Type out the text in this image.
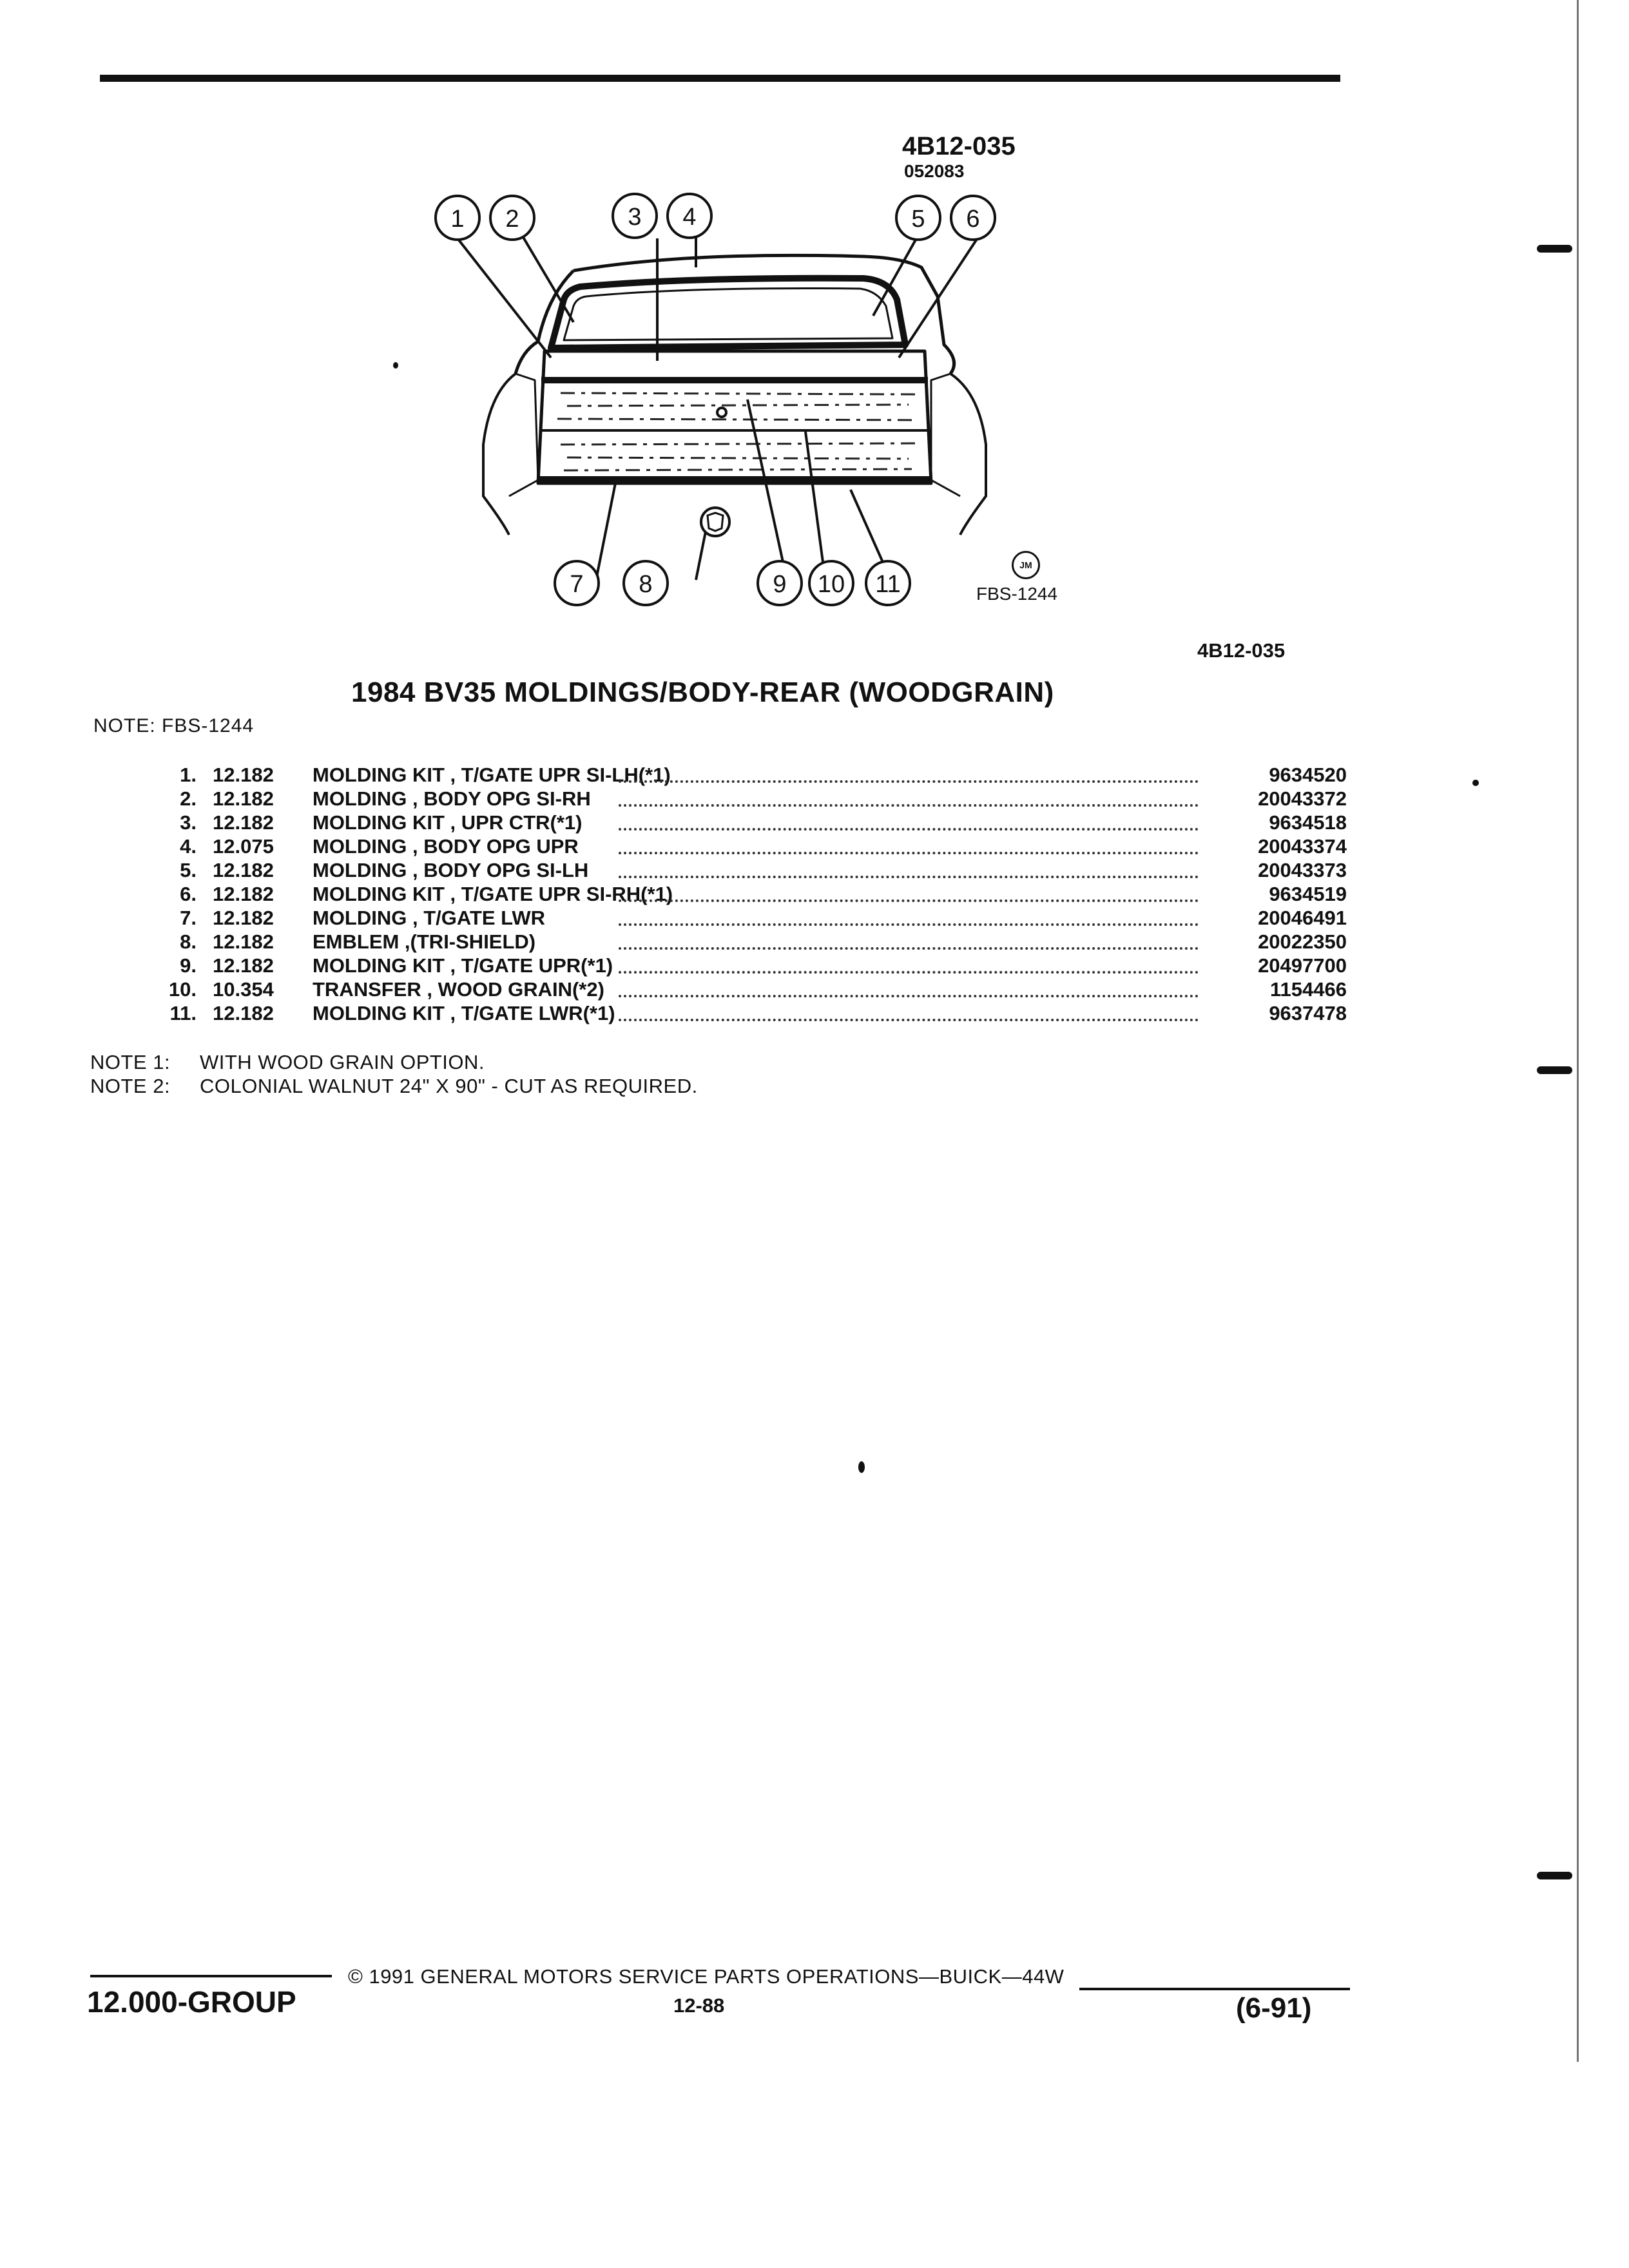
4B12-035
052083
1 2	3 4	5 6
7 8	9 10 11
JM
FBS-1244
4B12-035
1984 BV35 MOLDINGS/BODY-REAR (WOODGRAIN)
NOTE: FBS-1244
1. 12.182 MOLDING KIT , T/GATE UPR SI-LH(*1)	9634520
2. 12.182 MOLDING , BODY OPG SI-RH	20043372
3. 12.182 MOLDING KIT , UPR CTR(*1)	9634518
4. 12.075 MOLDING , BODY OPG UPR	20043374
5. 12.182 MOLDING , BODY OPG SI-LH	20043373
6. 12.182 MOLDING KIT , T/GATE UPR SI-RH(*1)	9634519
7. 12.182 MOLDING , T/GATE LWR	20046491
8. 12.182 EMBLEM ,(TRI-SHIELD)	20022350
9. 12.182 MOLDING KIT , T/GATE UPR(*1)	20497700
10. 10.354 TRANSFER , WOOD GRAIN(*2)	1154466
11. 12.182 MOLDING KIT , T/GATE LWR(*1)	9637478
NOTE 1: WITH WOOD GRAIN OPTION.
NOTE 2: COLONIAL WALNUT 24" X 90" - CUT AS REQUIRED.
© 1991 GENERAL MOTORS SERVICE PARTS OPERATIONS—BUICK—44W
12-88
12.000-GROUP	(6-91)
